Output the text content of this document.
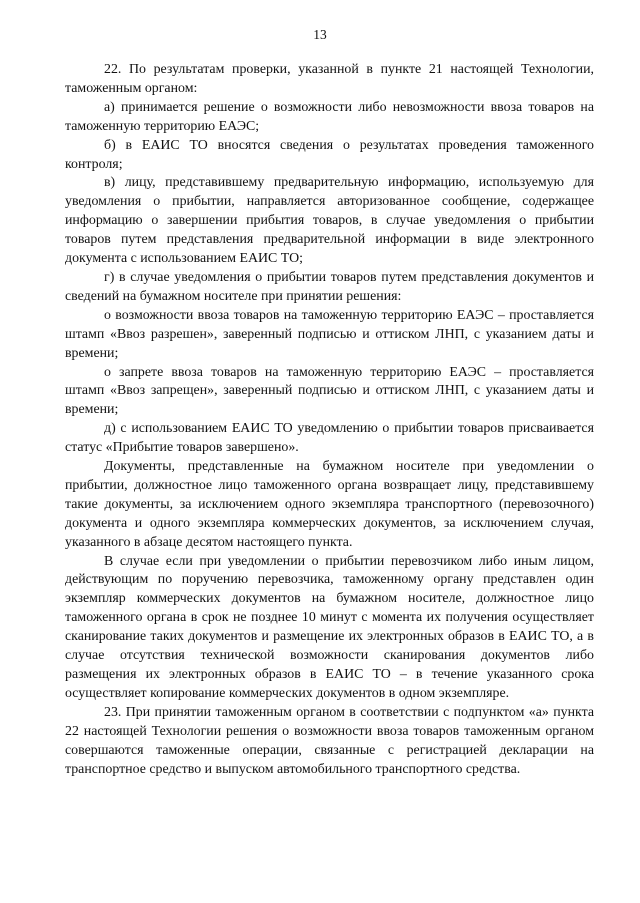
13

22. По результатам проверки, указанной в пункте 21 настоящей Технологии, таможенным органом:

а) принимается решение о возможности либо невозможности ввоза товаров на таможенную территорию ЕАЭС;

б) в ЕАИС ТО вносятся сведения о результатах проведения таможенного контроля;

в) лицу, представившему предварительную информацию, используемую для уведомления о прибытии, направляется авторизованное сообщение, содержащее информацию о завершении прибытия товаров, в случае уведомления о прибытии товаров путем представления предварительной информации в виде электронного документа с использованием ЕАИС ТО;

г) в случае уведомления о прибытии товаров путем представления документов и сведений на бумажном носителе при принятии решения:

о возможности ввоза товаров на таможенную территорию ЕАЭС – проставляется штамп «Ввоз разрешен», заверенный подписью и оттиском ЛНП, с указанием даты и времени;

о запрете ввоза товаров на таможенную территорию ЕАЭС – проставляется штамп «Ввоз запрещен», заверенный подписью и оттиском ЛНП, с указанием даты и времени;

д) с использованием ЕАИС ТО уведомлению о прибытии товаров присваивается статус «Прибытие товаров завершено».

Документы, представленные на бумажном носителе при уведомлении о прибытии, должностное лицо таможенного органа возвращает лицу, представившему такие документы, за исключением одного экземпляра транспортного (перевозочного) документа и одного экземпляра коммерческих документов, за исключением случая, указанного в абзаце десятом настоящего пункта.

В случае если при уведомлении о прибытии перевозчиком либо иным лицом, действующим по поручению перевозчика, таможенному органу представлен один экземпляр коммерческих документов на бумажном носителе, должностное лицо таможенного органа в срок не позднее 10 минут с момента их получения осуществляет сканирование таких документов и размещение их электронных образов в ЕАИС ТО, а в случае отсутствия технической возможности сканирования документов либо размещения их электронных образов в ЕАИС ТО – в течение указанного срока осуществляет копирование коммерческих документов в одном экземпляре.

23. При принятии таможенным органом в соответствии с подпунктом «а» пункта 22 настоящей Технологии решения о возможности ввоза товаров таможенным органом совершаются таможенные операции, связанные с регистрацией декларации на транспортное средство и выпуском автомобильного транспортного средства.
